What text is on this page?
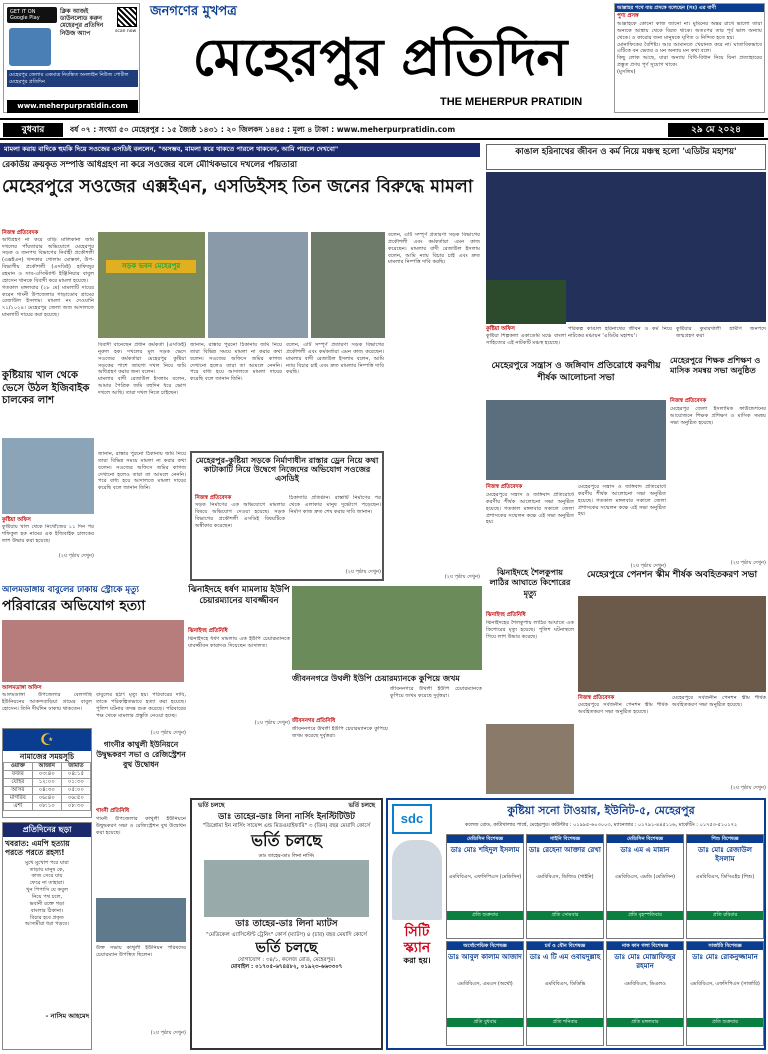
GET IT ON Google Play
ক্লিক আজই
ডাউনলোড করুন
মেহেরপুর প্রতিদিন
নিউজ অ্যাপ	scan now
মেহেরপুর জেলার একমাত্র নিবন্ধিত অনলাইন নিউজ পোর্টাল মেহেরপুর প্রতিদিন
www.meherpurpratidin.com
জনগণের মুখপত্র
মেহেরপুর প্রতিদিন
THE MEHERPUR PRATIDIN
আল্লাহর পথে ব্যয় প্রসঙ্গে বলেছেন (সঃ) এর বাণী
পুণ্য প্রসঙ্গ
আল্লাহকে কোনো কাজ জানো না। মুমিনের অন্তর রাখে ভালো তারা অন্যকে আঙ্কায় থেকে বিরত থাকে। অতঃপর তার পূর্ব ভাল অন্যায় থেকে। ও কারোর জন্য মানুষকে ঘৃণিত ও নিন্দিত হতে হয়।
মোনাফিকের বৈশিষ্ট্য। আর আমানতে খেয়ানত করে না। ঘাতাবিকভাবে এটিকে বন ভেতর ও মন অন্যায় মন কথা বলে।
কিছু লোক আছে, যারা অন্যায় বিধি-বিধান নিয়ে যিনা প্রত্যাহারের প্রস্তুত প্রণয় পূর্ণ সুযোগ থাকে।
(মুসলিম)
বুধবার	বর্ষ ০৭ : সংখ্যা ৫০ মেহেরপুর : ১৫ জ্যৈষ্ঠ ১৪৩১ : ২০ জিলকদ ১৪৪৫ : মূল্য ৪ টাকা : www.meherpurpratidin.com	২৯ মে ২০২৪
মামলা করায় বাদিকে হুমকি দিয়ে সওজের এসডিই বললেন, "অসম্ভব, মামলা করে থাকতে পারলে থাকবেন, আমি পারলে দেখবো"
রেকর্ডিয় ক্রয়কৃত সম্পত্তি অধিগ্রহণ না করে সওজের বলে মৌখিকভাবে দখলের পাঁয়তারা
মেহেরপুরে সওজের এক্সইএন, এসডিইসহ তিন জনের বিরুদ্ধে মামলা
নিজস্ব প্রতিবেদক
অধিগ্রহণ না করে বাড়ি মালিকানা জমি দখলের পাঁয়তারার অভিযোগে মেহেরপুর সড়ক ও জনপথ বিভাগের নির্বাহী প্রকৌশলী (এক্সইএন) খন্দকার গোলাম মোস্তফা, উপ-বিভাগীয় প্রকৌশলী (এসডিই) হাফিজুর রহমান ও সাব-এসিস্ট্যান্ট ইঞ্জিনিয়ার বাবুল হোসেন খানকে বিবাদী করে মামলা হয়েছে।
গতকাল মঙ্গলবার (২৮ মে) মামলাটি দায়ের করেন গাংনী উপজেলার গাড়াডোব গ্রামের রেজাউল ইসলাম। মামলা নং দেওয়ানি ৭১/২০২৪। মেহেরপুর জেলা জজ আদালতে মামলাটি দায়ের করা হয়েছে।
সড়ক ভবন মেহেরপুর
বিবাদী বানেছেন প্রধান কর্মকর্তা (এসডিই) নূরুল হক। দখলের মূল সড়ক ভেদে সওজের কর্মকর্তারা মেহেরপুর কুষ্টিয়া সড়কের পাশে জায়গা দখল নিয়ে জমি অধিগ্রহণ করার জন্য বলেন।
মামলার বাদী রেজাউল ইসলাম বলেন, আমার পৈত্রিক জমি বহুদিন ধরে ভোগ দখলে আছি। তারা দখল নিতে চাইছেন।
জানান, রাস্তার পুরনো ঠিকানায় জমি নিয়ে তারা বিভিন্ন সময়ে মামলা না করার কথা বলেন। সওজের অফিসে জমির কাগজ দেখানো হলেও তারা তা আমলে নেননি। পরে বাধ্য হয়ে আদালতে মামলা দায়ের করেছি বলে জানান তিনি।
বলেন, এটি সম্পূর্ণ প্রতারণা সড়ক বিভাগের প্রকৌশলী এবং কর্মকর্তারা এমন কাজ করেছেন। মামলার বাদী রেজাউল ইসলাম বলেন, আমি ন্যায় বিচার চাই এবং দ্রুত মামলার নিষ্পত্তি দাবি করছি।
বলেন, এটি সম্পূর্ণ প্রতারণা সড়ক বিভাগের প্রকৌশলী এবং কর্মকর্তারা এমন কাজ করেছেন। মামলার বাদী রেজাউল ইসলাম বলেন, আমি ন্যায় বিচার চাই এবং দ্রুত মামলার নিষ্পত্তি দাবি করছি।
(২য় পৃষ্ঠায় দেখুন)
কুষ্টিয়ায় খাল থেকে ভেসে উঠল ইজিবাইক চালকের লাশ
কুষ্টিয়া অফিস
কুষ্টিয়ায় খাল থেকে নিখোঁজের ১১ দিন পর শফিকুল হক নামের এক ইজিবাইক চালকের লাশ উদ্ধার করা হয়েছে।
(২য় পৃষ্ঠায় দেখুন)
মেহেরপুর-কুষ্টিয়া সড়কে নির্মাণাধীন রাস্তার ড্রেন নিয়ে কথা কাটাকাটি নিয়ে উদ্বেগে নিজেদের অভিযোগ সওজের এসডিই
নিজস্ব প্রতিবেদক
সড়ক নির্মাণের এক অভিযোগে মামলার বিষয়ে অভিযোগ দেওয়া হয়েছে। সড়ক বিভাগের প্রকৌশলী এসডিই বিষয়টিকে অস্বীকার করেছেন।
ঠিকাদারি প্রতিষ্ঠান। রাস্তাটি নির্মাণের পর থেকে এলাকার মানুষ দুর্ভোগে পড়েছেন। নির্মাণ কাজ দ্রুত শেষ করার দাবি জানান।
(২য় পৃষ্ঠায় দেখুন)
জানান, রাস্তার পুরনো ঠিকানায় জমি নিয়ে তারা বিভিন্ন সময়ে মামলা না করার কথা বলেন। সওজের অফিসে জমির কাগজ দেখানো হলেও তারা তা আমলে নেননি। পরে বাধ্য হয়ে আদালতে মামলা দায়ের করেছি বলে জানান তিনি।
আলমডাঙ্গায় বাবুলের ঢাকায় স্ট্রোকে মৃত্যু
পরিবারের অভিযোগ হত্যা
আলমডাঙ্গা অফিস
আলমডাঙ্গা উপজেলার বেলগাছি ইউনিয়নের আকন্দবাড়িয়া গ্রামের বাবুল হোসেন। তিনি দীর্ঘদিন ঢাকায় থাকতেন।
ঝিনাইদহে ধর্ষণ মামলায় ইউপি চেয়ারম্যানের যাবজ্জীবন
ঝিনাইদহ প্রতিনিধি
ঝিনাইদহে ধর্ষণ মামলায় এক ইউপি চেয়ারম্যানকে যাবজ্জীবন কারাদণ্ড দিয়েছেন আদালত।
(২য় পৃষ্ঠায় দেখুন)
জীবননগরে উথলী ইউপি চেয়ারম্যানকে কুপিয়ে জখম
জীবননগর প্রতিনিধি
জীবননগরে উথলী ইউপি চেয়ারম্যানকে কুপিয়ে জখম করেছে দুর্বৃত্তরা।
জীবননগরে উথলী ইউপি চেয়ারম্যানকে কুপিয়ে জখম করেছে দুর্বৃত্তরা।
☪
নামাজের সময়সূচি
ওয়াক্ত	আজান	জামাত
ফজর	০৩:৪০	০৪:১৫
যোহর	১২:০০	০১:৩০
আসর	০৪:৩০	০৫:০০
মাগরিব	০৬:৪০	০৬:৫০
এশা	০৮:১০	০৮:৩০
প্রতিদিনের ছড়া
খবরাত: এমপি হত্যায় পরতে পরতে রহস্য!
মুখে মুখোশ পরে যারা
তাড়ায় মানুষ কে,
কাজ সেরে যায়
ফেরে না তাহারা।
খুন পিপাসি যে কবুল
নিয়ে পথ চলে,
ভবানী রক্তে গড়া
বাংলার ঠিকানা।
বিচার হবে প্রকৃত
আসামীরা ধরা পড়বে।
- নাসিম আহমেদ
বাবুলের হঠাৎ মৃত্যু হয়। পরিবারের দাবি, তাকে পরিকল্পিতভাবে হত্যা করা হয়েছে। পুলিশ ঘটনার তদন্ত শুরু করেছে। পরিবারের পক্ষ থেকে মামলার প্রস্তুতি নেওয়া হচ্ছে।
(২য় পৃষ্ঠায় দেখুন)
গাংনীর কাথুলী ইউনিয়নে উদ্বুদ্ধকরণ সভা ও রেজিস্ট্রেশন বুথ উদ্বোধন
গাংনী প্রতিনিধি
গাংনী উপজেলার কাথুলী ইউনিয়নে উদ্বুদ্ধকরণ সভা ও রেজিস্ট্রেশন বুথ উদ্বোধন করা হয়েছে।
উক্ত সভায় কাথুলী ইউনিয়ন পরিষদের চেয়ারম্যান উপস্থিত ছিলেন।
(২য় পৃষ্ঠায় দেখুন)
ভর্তি চলছে	ভর্তি চলছে
ডাঃ তাহের-ডাঃ লিনা নার্সিং ইনস্টিটিউট
"ডিপ্লোমা ইন নার্সিং সায়েন্স এন্ড মিডওয়াইফারি" ৩ (তিন) বছর মেয়াদি কোর্সে
ভর্তি চলছে
ডাঃ তাহের-ডাঃ লিনা নার্সিং
ডাঃ তাহের-ডাঃ লিনা ম্যাটস
"মেডিকেল এ্যাসিস্টেন্ট ট্রেনিং" কোর্স (ম্যাটস) ৪ (চার) বছর মেয়াদি কোর্সে
ভর্তি চলছে
যোগাযোগ : ৩৪/১, কলেজ রোড, মেহেরপুর।
মোবাইল : ০১৭০৫-৬৭৪৪৮২, ০১৯২৩-৬৬৩৩০৭
কাঙাল হরিনাথের জীবন ও কর্ম নিয়ে মঞ্চস্থ হলো 'এডিটর মহাশয়'
কুষ্টিয়া অফিস
কুষ্টিয়া শিল্পকলা একাডেমি মঞ্চে বাংলা সাহিত্যের এই নাটকটি মঞ্চস্থ হয়েছে।
পরিকল্প কাঙাল হরিনাথের জীবন ও কর্ম নিয়ে নাটকের মঞ্চায়ন 'এডিটর মহাশয়'।
কুষ্টিয়ার কুমারখালী গ্রামীণ জনপদে জন্মগ্রহণ করা
মেহেরপুরে সন্ত্রাস ও জঙ্গিবাদ প্রতিরোধে করণীয় শীর্ষক আলোচনা সভা
নিজস্ব প্রতিবেদক
মেহেরপুরে সন্ত্রাস ও জঙ্গিবাদ প্রতিরোধে করণীয় শীর্ষক আলোচনা সভা অনুষ্ঠিত হয়েছে। গতকাল মঙ্গলবার সকালে জেলা প্রশাসকের সম্মেলন কক্ষে এই সভা অনুষ্ঠিত হয়।
মেহেরপুরে সন্ত্রাস ও জঙ্গিবাদ প্রতিরোধে করণীয় শীর্ষক আলোচনা সভা অনুষ্ঠিত হয়েছে। গতকাল মঙ্গলবার সকালে জেলা প্রশাসকের সম্মেলন কক্ষে এই সভা অনুষ্ঠিত হয়।
(২য় পৃষ্ঠায় দেখুন)
মেহেরপুরে শিক্ষক প্রশিক্ষণ ও মাসিক সমন্বয় সভা অনুষ্ঠিত
নিজস্ব প্রতিবেদক
মেহেরপুর জেলা ইসলামিক ফাউন্ডেশনের আয়োজনে শিক্ষক প্রশিক্ষণ ও মাসিক সমন্বয় সভা অনুষ্ঠিত হয়েছে।
(২য় পৃষ্ঠায় দেখুন)
ঝিনাইদহে শৈলকুপায় লাঠির আঘাতে কিশোরের মৃত্যু
ঝিনাইদহ প্রতিনিধি
ঝিনাইদহের শৈলকুপায় লাঠির আঘাতে এক কিশোরের মৃত্যু হয়েছে। পুলিশ ঘটনাস্থলে গিয়ে লাশ উদ্ধার করেছে।
মেহেরপুরে পেনশন স্কীম শীর্ষক অবহিতকরণ সভা
নিজস্ব প্রতিবেদক
মেহেরপুরে সর্বজনীন পেনশন স্কীম শীর্ষক অবহিতকরণ সভা অনুষ্ঠিত হয়েছে।
মেহেরপুরে সর্বজনীন পেনশন স্কীম শীর্ষক অবহিতকরণ সভা অনুষ্ঠিত হয়েছে।
(২য় পৃষ্ঠায় দেখুন)
sdc
কুষ্টিয়া সনো টাওয়ার, ইউনিট-৫, মেহেরপুর
কলেজ রোড, কাটাখালার পার্শ্বে, মেহেরপুর। কাউন্টার : ০১৯৯৫-৬০৩০০৩, ম্যানেজার : ০১৭৯১-৪৪৫১১৬, মার্কেটিং : ০১৭৫৩-৫১০১৭২
সিটি
স্ক্যান
করা হয়।
মেডিসিন বিশেষজ্ঞ
ডাঃ মোঃ শহিদুল ইসলাম
এমবিবিএস, এফসিপিএস (মেডিসিন)
প্রতি শুক্রবার
গাইনি বিশেষজ্ঞ
ডাঃ রেহেনা আক্তার রেখা
এমবিবিএস, ডিজিও (গাইনি)
প্রতি সোমবার
মেডিসিন বিশেষজ্ঞ
ডাঃ এম এ মান্নান
এমবিবিএস, এমডি (মেডিসিন)
প্রতি বৃহস্পতিবার
শিশু বিশেষজ্ঞ
ডাঃ মোঃ রেজাউল ইসলাম
এমবিবিএস, ডিসিএইচ (শিশু)
প্রতি রবিবার
অর্থোপেডিক বিশেষজ্ঞ
ডাঃ আবুল কালাম আজাদ
এমবিবিএস, এমএস (অর্থো)
প্রতি বুধবার
চর্ম ও যৌন বিশেষজ্ঞ
ডাঃ এ টি এম ওবায়দুল্লাহ
এমবিবিএস, ডিডিভি
প্রতি শনিবার
নাক কান গলা বিশেষজ্ঞ
ডাঃ মোঃ মোস্তাফিজুর রহমান
এমবিবিএস, ডিএলও
প্রতি মঙ্গলবার
সার্জারি বিশেষজ্ঞ
ডাঃ মোঃ রোকনুজ্জামান
এমবিবিএস, এফসিপিএস (সার্জারি)
প্রতি শুক্রবার
